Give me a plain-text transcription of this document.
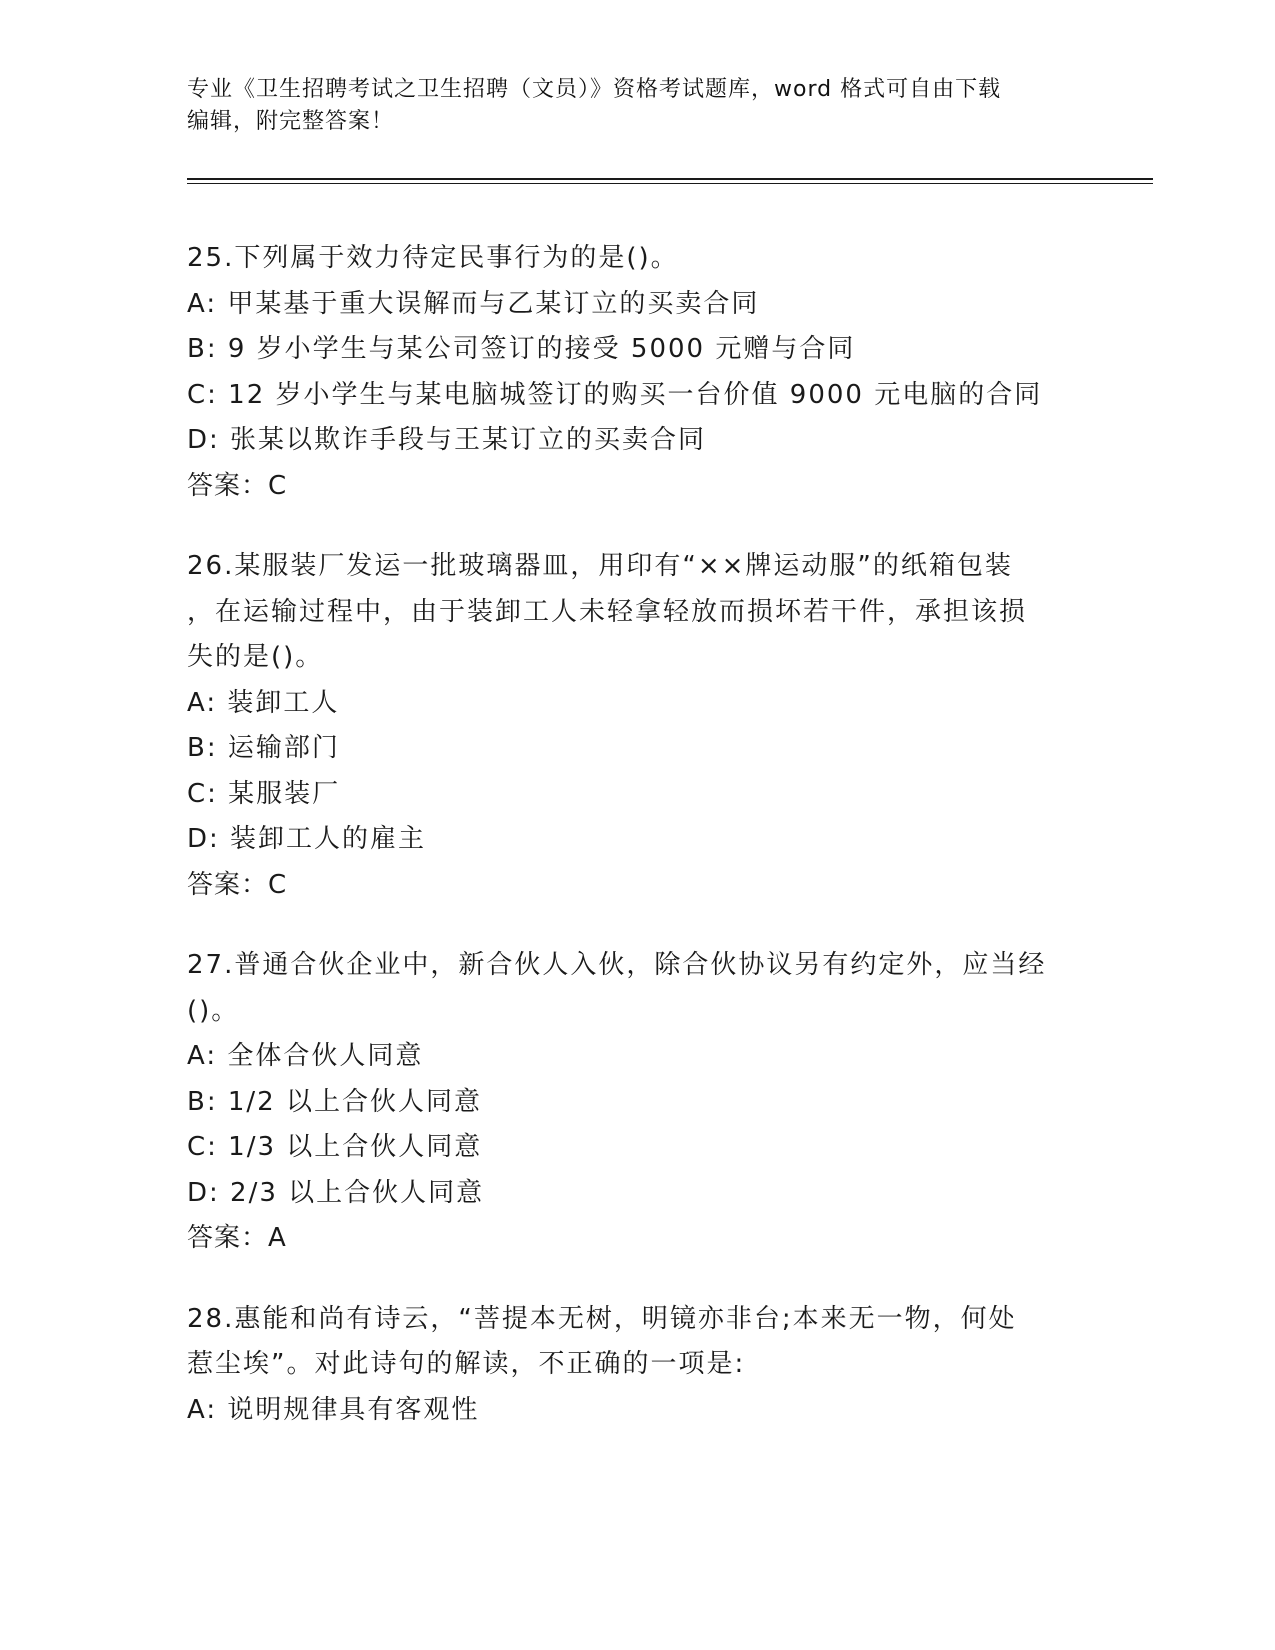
专业《卫生招聘考试之卫生招聘（文员）》资格考试题库，word 格式可自由下载
编辑，附完整答案！
25.下列属于效力待定民事行为的是()。
A: 甲某基于重大误解而与乙某订立的买卖合同
B: 9 岁小学生与某公司签订的接受 5000 元赠与合同
C: 12 岁小学生与某电脑城签订的购买一台价值 9000 元电脑的合同
D: 张某以欺诈手段与王某订立的买卖合同
答案：C
26.某服装厂发运一批玻璃器皿，用印有“××牌运动服”的纸箱包装
，在运输过程中，由于装卸工人未轻拿轻放而损坏若干件，承担该损
失的是()。
A: 装卸工人
B: 运输部门
C: 某服装厂
D: 装卸工人的雇主
答案：C
27.普通合伙企业中，新合伙人入伙，除合伙协议另有约定外，应当经
()。
A: 全体合伙人同意
B: 1/2 以上合伙人同意
C: 1/3 以上合伙人同意
D: 2/3 以上合伙人同意
答案：A
28.惠能和尚有诗云，“菩提本无树，明镜亦非台;本来无一物，何处
惹尘埃”。对此诗句的解读，不正确的一项是:
A: 说明规律具有客观性
